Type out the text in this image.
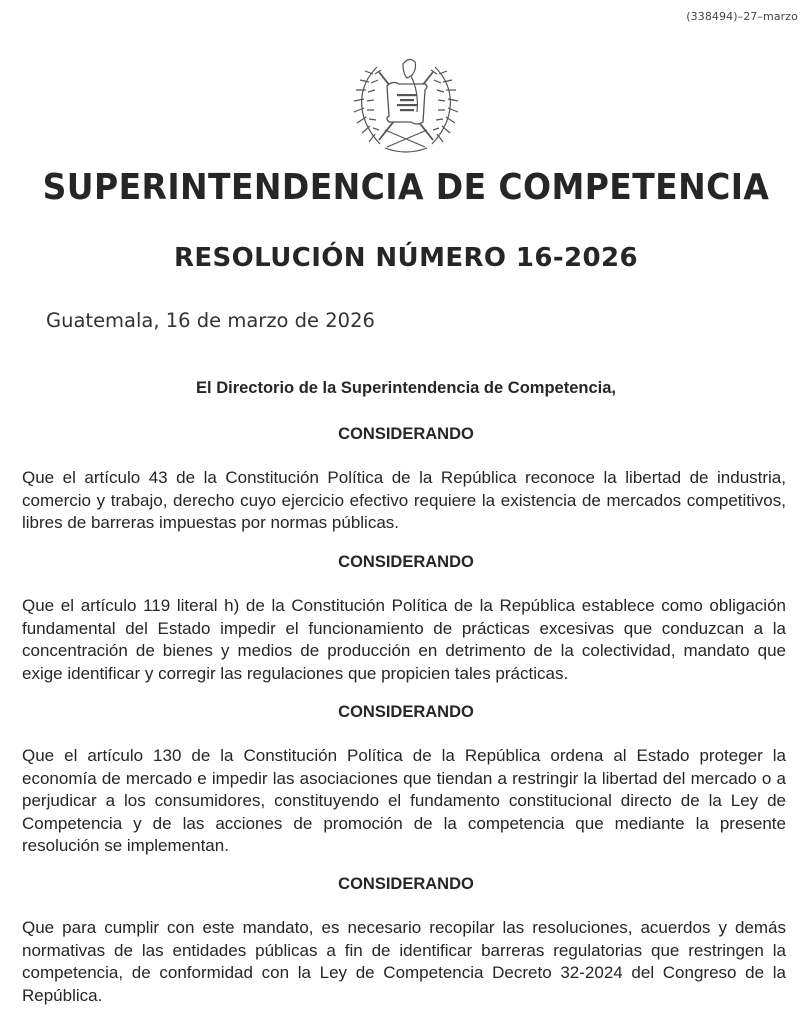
(338494)–27–marzo
SUPERINTENDENCIA DE COMPETENCIA
RESOLUCIÓN NÚMERO 16-2026
Guatemala, 16 de marzo de 2026
El Directorio de la Superintendencia de Competencia,
CONSIDERANDO
Que el artículo 43 de la Constitución Política de la República reconoce la libertad de industria, comercio y trabajo, derecho cuyo ejercicio efectivo requiere la existencia de mercados competitivos, libres de barreras impuestas por normas públicas.
CONSIDERANDO
Que el artículo 119 literal h) de la Constitución Política de la República establece como obligación fundamental del Estado impedir el funcionamiento de prácticas excesivas que conduzcan a la concentración de bienes y medios de producción en detrimento de la colectividad, mandato que exige identificar y corregir las regulaciones que propicien tales prácticas.
CONSIDERANDO
Que el artículo 130 de la Constitución Política de la República ordena al Estado proteger la economía de mercado e impedir las asociaciones que tiendan a restringir la libertad del mercado o a perjudicar a los consumidores, constituyendo el fundamento constitucional directo de la Ley de Competencia y de las acciones de promoción de la competencia que mediante la presente resolución se implementan.
CONSIDERANDO
Que para cumplir con este mandato, es necesario recopilar las resoluciones, acuerdos y demás normativas de las entidades públicas a fin de identificar barreras regulatorias que restringen la competencia, de conformidad con la Ley de Competencia Decreto 32-2024 del Congreso de la República.
